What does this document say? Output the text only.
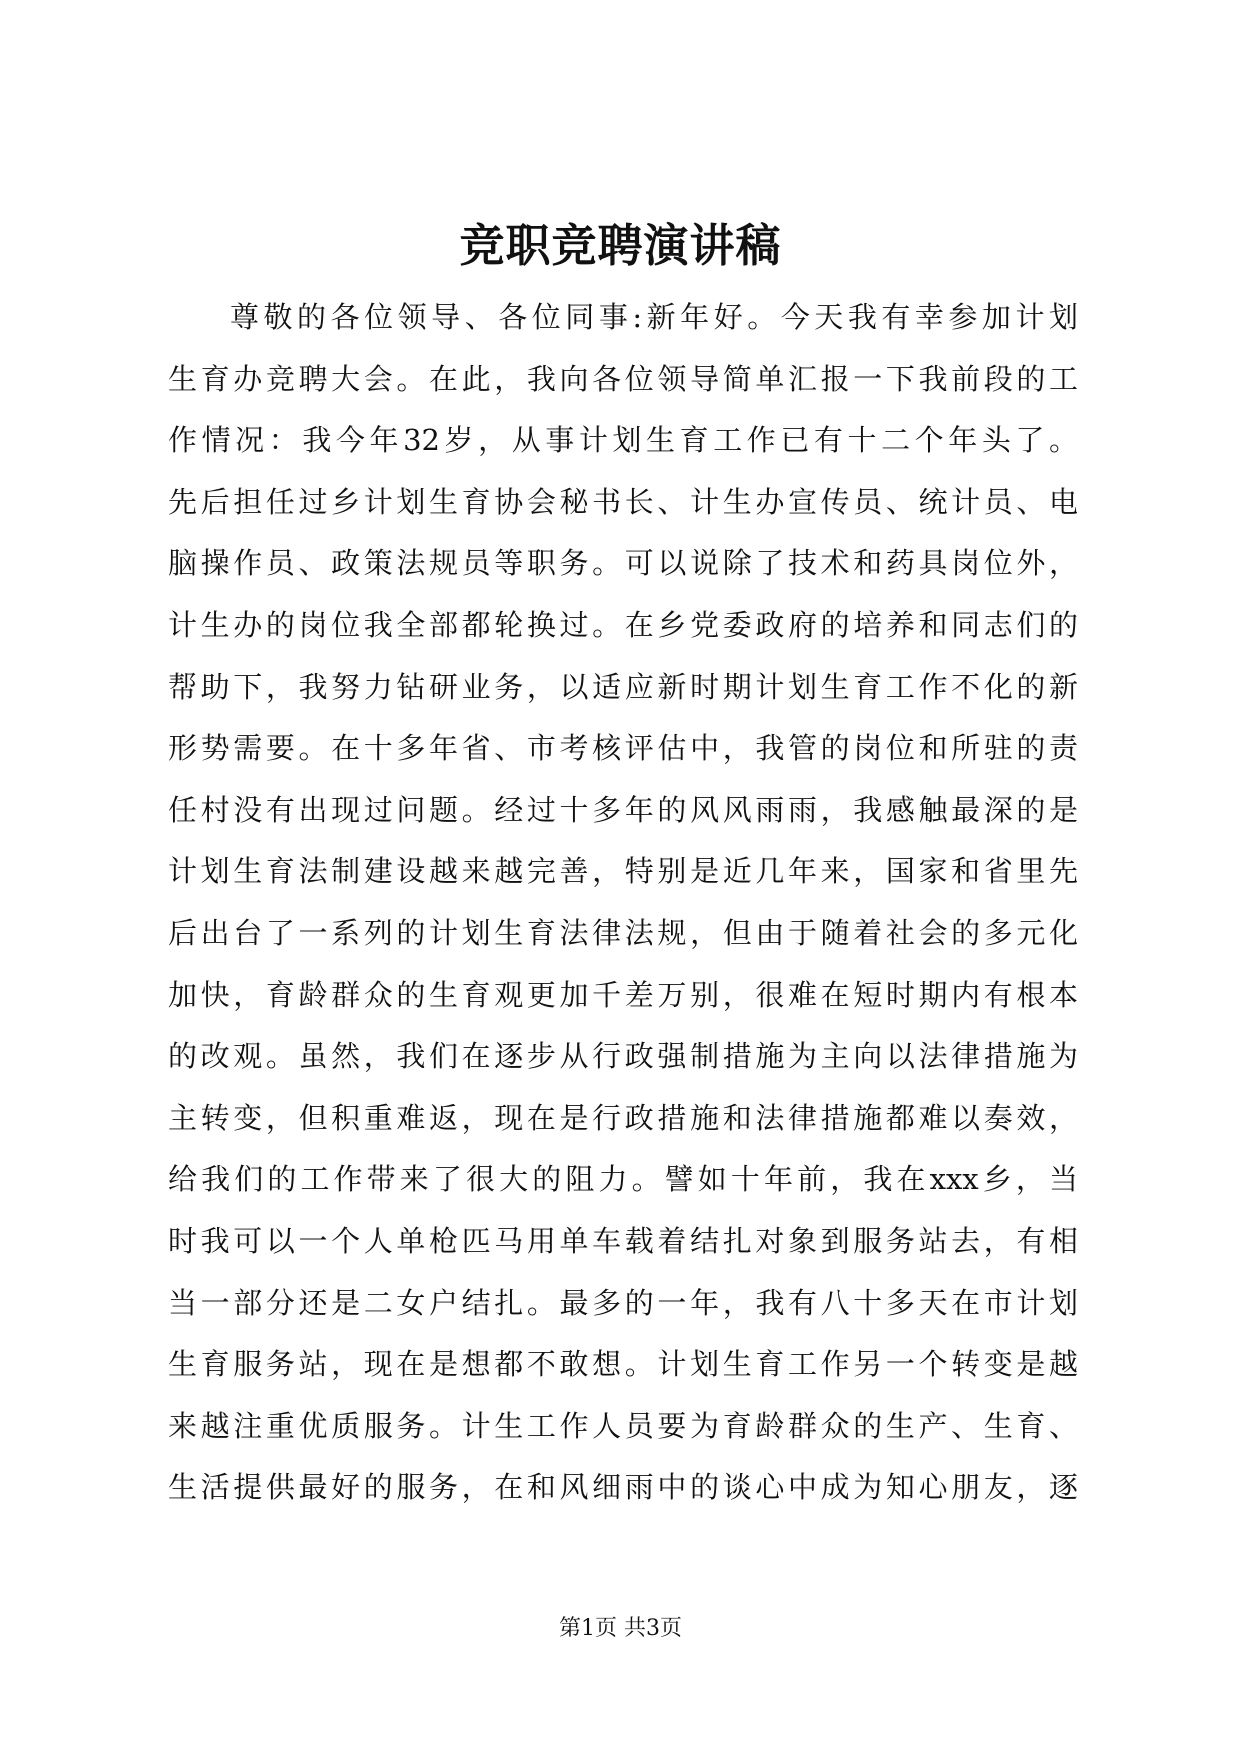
竞职竞聘演讲稿
尊敬的各位领导、各位同事:新年好。今天我有幸参加计划
生育办竞聘大会。在此，我向各位领导简单汇报一下我前段的工
作情况：我今年32岁，从事计划生育工作已有十二个年头了。
先后担任过乡计划生育协会秘书长、计生办宣传员、统计员、电
脑操作员、政策法规员等职务。可以说除了技术和药具岗位外，
计生办的岗位我全部都轮换过。在乡党委政府的培养和同志们的
帮助下，我努力钻研业务，以适应新时期计划生育工作不化的新
形势需要。在十多年省、市考核评估中，我管的岗位和所驻的责
任村没有出现过问题。经过十多年的风风雨雨，我感触最深的是
计划生育法制建设越来越完善，特别是近几年来，国家和省里先
后出台了一系列的计划生育法律法规，但由于随着社会的多元化
加快，育龄群众的生育观更加千差万别，很难在短时期内有根本
的改观。虽然，我们在逐步从行政强制措施为主向以法律措施为
主转变，但积重难返，现在是行政措施和法律措施都难以奏效，
给我们的工作带来了很大的阻力。譬如十年前，我在xxx乡，当
时我可以一个人单枪匹马用单车载着结扎对象到服务站去，有相
当一部分还是二女户结扎。最多的一年，我有八十多天在市计划
生育服务站，现在是想都不敢想。计划生育工作另一个转变是越
来越注重优质服务。计生工作人员要为育龄群众的生产、生育、
生活提供最好的服务，在和风细雨中的谈心中成为知心朋友，逐
第1页 共3页
